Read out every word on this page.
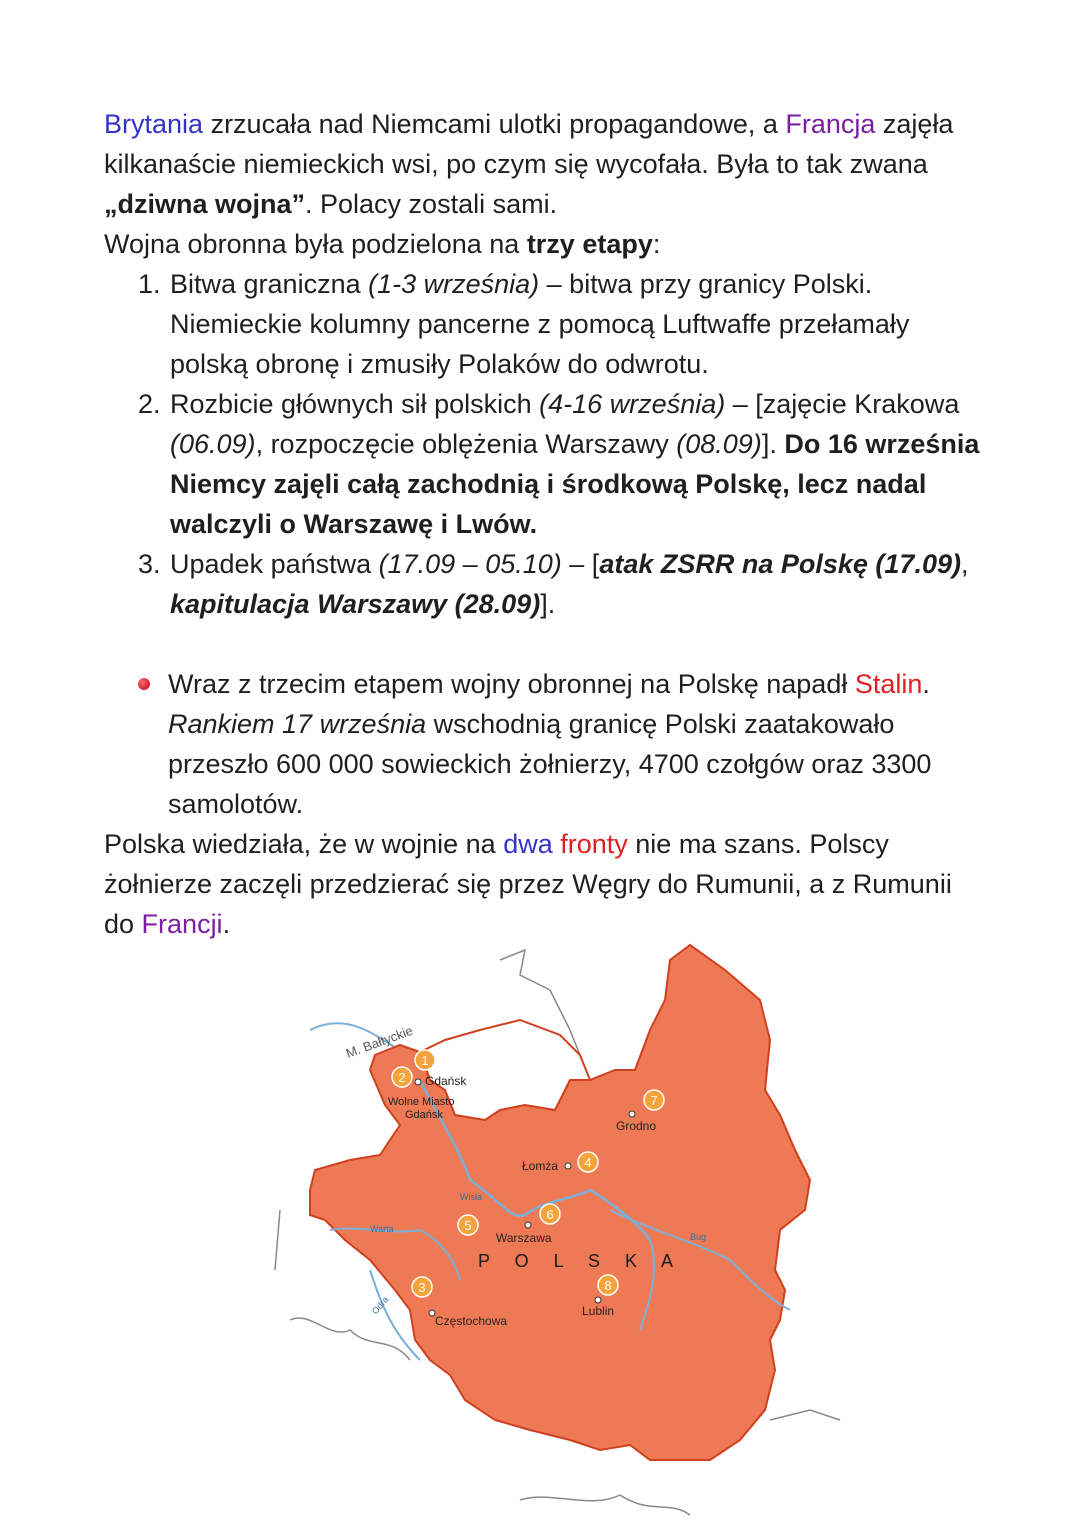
Brytania zrzucała nad Niemcami ulotki propagandowe, a Francja zajęła kilkanaście niemieckich wsi, po czym się wycofała. Była to tak zwana „dziwna wojna”. Polacy zostali sami.

Wojna obronna była podzielona na trzy etapy:

1. Bitwa graniczna (1-3 września) – bitwa przy granicy Polski. Niemieckie kolumny pancerne z pomocą Luftwaffe przełamały polską obronę i zmusiły Polaków do odwrotu.
2. Rozbicie głównych sił polskich (4-16 września) – [zajęcie Krakowa (06.09), rozpoczęcie oblężenia Warszawy (08.09)]. Do 16 września Niemcy zajęli całą zachodnią i środkową Polskę, lecz nadal walczyli o Warszawę i Lwów.
3. Upadek państwa (17.09 – 05.10) – [atak ZSRR na Polskę (17.09), kapitulacja Warszawy (28.09)].
Wraz z trzecim etapem wojny obronnej na Polskę napadł Stalin. Rankiem 17 września wschodnią granicę Polski zaatakowało przeszło 600 000 sowieckich żołnierzy, 4700 czołgów oraz 3300 samolotów.

Polska wiedziała, że w wojnie na dwa fronty nie ma szans. Polscy żołnierze zaczęli przedzierać się przez Węgry do Rumunii, a z Rumunii do Francji.

M. Bałtyckie
Gdańsk
Wolne Miasto
Gdańsk
Grodno
Łomża
Warszawa
Częstochowa
Lublin
P O L S K A
Warta
Odra
Wisła
Bug
1
2
3
4
5
6
7
8
